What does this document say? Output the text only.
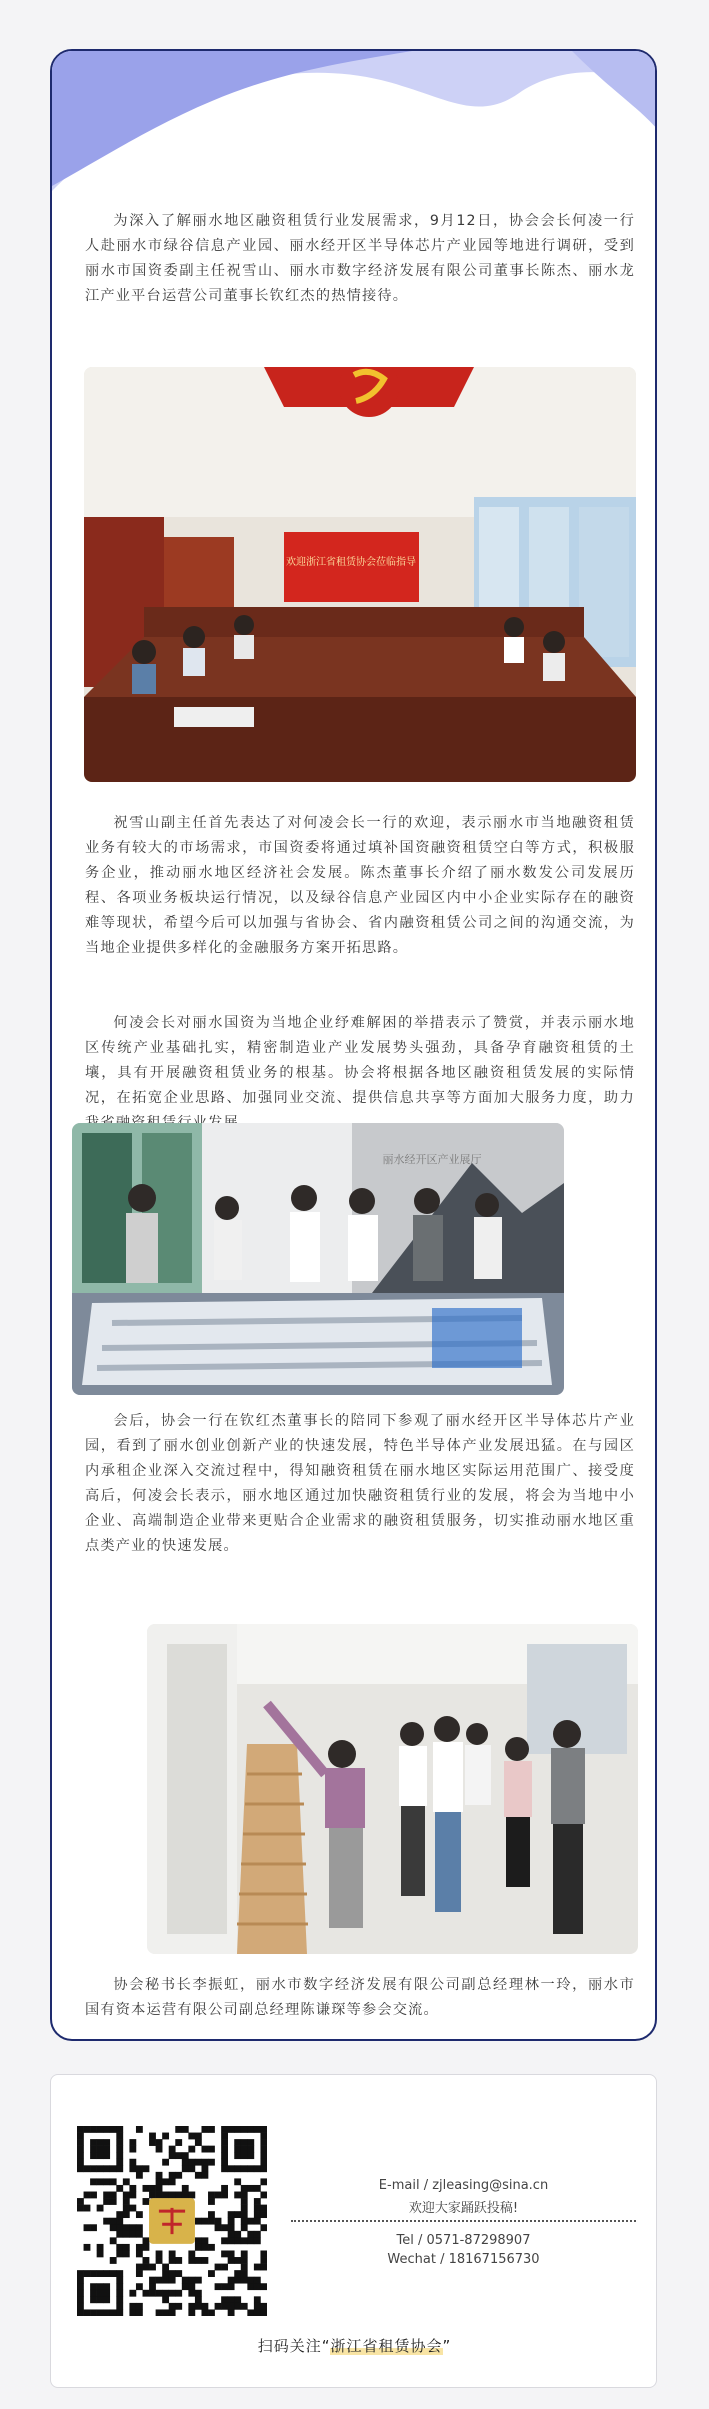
为深入了解丽水地区融资租赁行业发展需求，9月12日，协会会长何凌一行人赴丽水市绿谷信息产业园、丽水经开区半导体芯片产业园等地进行调研，受到丽水市国资委副主任祝雪山、丽水市数字经济发展有限公司董事长陈杰、丽水龙江产业平台运营公司董事长钦红杰的热情接待。

欢迎浙江省租赁协会莅临指导

祝雪山副主任首先表达了对何凌会长一行的欢迎，表示丽水市当地融资租赁业务有较大的市场需求，市国资委将通过填补国资融资租赁空白等方式，积极服务企业，推动丽水地区经济社会发展。陈杰董事长介绍了丽水数发公司发展历程、各项业务板块运行情况，以及绿谷信息产业园区内中小企业实际存在的融资难等现状，希望今后可以加强与省协会、省内融资租赁公司之间的沟通交流，为当地企业提供多样化的金融服务方案开拓思路。

何凌会长对丽水国资为当地企业纾难解困的举措表示了赞赏，并表示丽水地区传统产业基础扎实，精密制造业产业发展势头强劲，具备孕育融资租赁的土壤，具有开展融资租赁业务的根基。协会将根据各地区融资租赁发展的实际情况，在拓宽企业思路、加强同业交流、提供信息共享等方面加大服务力度，助力

丽水经开区产业展厅

会后，协会一行在钦红杰董事长的陪同下参观了丽水经开区半导体芯片产业园，看到了丽水创业创新产业的快速发展，特色半导体产业发展迅猛。在与园区内承租企业深入交流过程中，得知融资租赁在丽水地区实际运用范围广、接受度高后，何凌会长表示，丽水地区通过加快融资租赁行业的发展，将会为当地中小企业、高端制造企业带来更贴合企业需求的融资租赁服务，切实推动丽水地区重点类产业的快速发展。

协会秘书长李振虹，丽水市数字经济发展有限公司副总经理林一玲，丽水市国有资本运营有限公司副总经理陈谦琛等参会交流。

E-mail / zjleasing@sina.cn
欢迎大家踊跃投稿!
Tel / 0571-87298907
Wechat / 18167156730
扫码关注“浙江省租赁协会”
